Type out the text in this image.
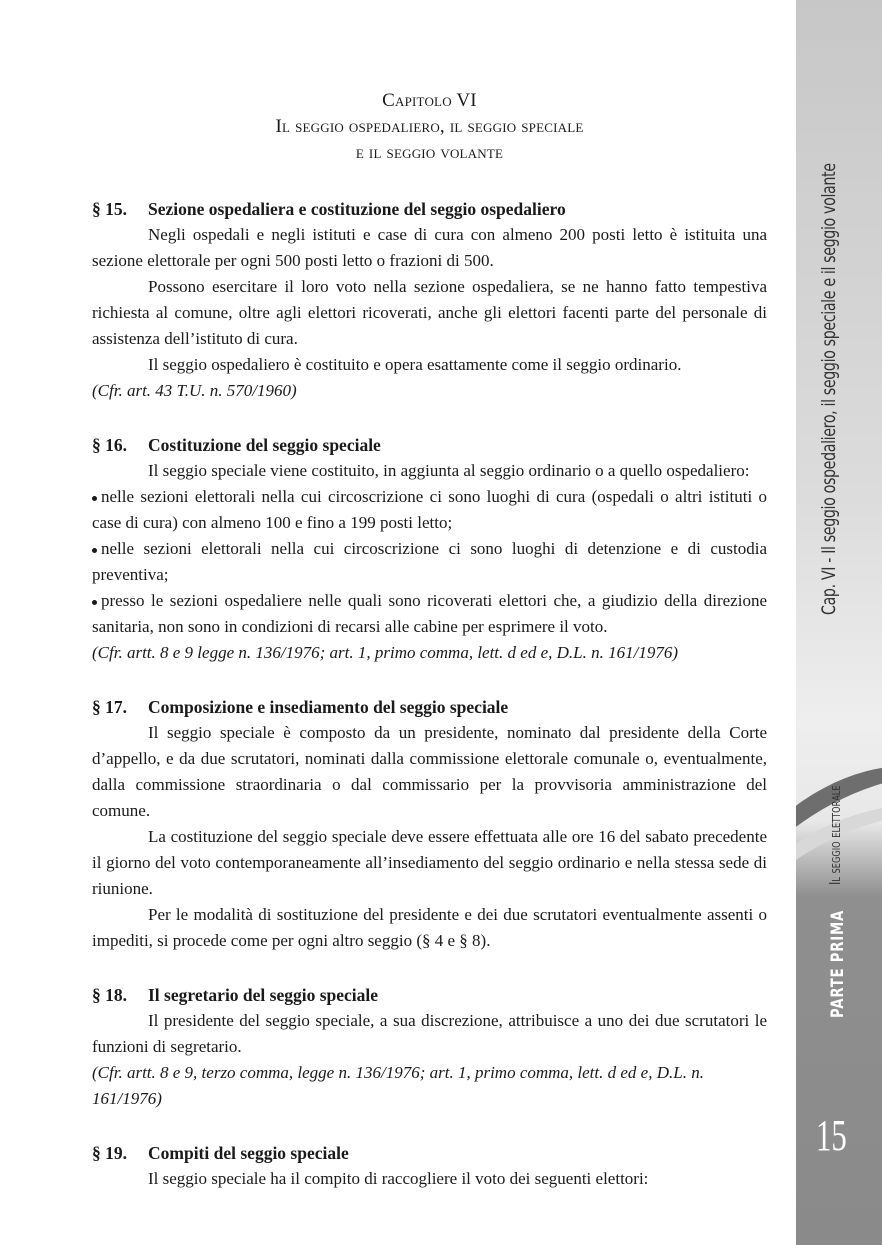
Capitolo VI
Il seggio ospedaliero, il seggio speciale
e il seggio volante
§ 15. Sezione ospedaliera e costituzione del seggio ospedaliero

Negli ospedali e negli istituti e case di cura con almeno 200 posti letto è istituita una sezione elettorale per ogni 500 posti letto o frazioni di 500.

Possono esercitare il loro voto nella sezione ospedaliera, se ne hanno fatto tempestiva richiesta al comune, oltre agli elettori ricoverati, anche gli elettori facenti parte del personale di assistenza dell’istituto di cura.

Il seggio ospedaliero è costituito e opera esattamente come il seggio ordinario.

(Cfr. art. 43 T.U. n. 570/1960)

§ 16. Costituzione del seggio speciale

Il seggio speciale viene costituito, in aggiunta al seggio ordinario o a quello ospedaliero:

nelle sezioni elettorali nella cui circoscrizione ci sono luoghi di cura (ospedali o altri istituti o case di cura) con almeno 100 e fino a 199 posti letto;

nelle sezioni elettorali nella cui circoscrizione ci sono luoghi di detenzione e di custodia preventiva;

presso le sezioni ospedaliere nelle quali sono ricoverati elettori che, a giudizio della direzione sanitaria, non sono in condizioni di recarsi alle cabine per esprimere il voto.

(Cfr. artt. 8 e 9 legge n. 136/1976; art. 1, primo comma, lett. d ed e, D.L. n. 161/1976)

§ 17. Composizione e insediamento del seggio speciale

Il seggio speciale è composto da un presidente, nominato dal presidente della Corte d’appello, e da due scrutatori, nominati dalla commissione elettorale comunale o, eventualmente, dalla commissione straordinaria o dal commissario per la provvisoria amministrazione del comune.

La costituzione del seggio speciale deve essere effettuata alle ore 16 del sabato precedente il giorno del voto contemporaneamente all’insediamento del seggio ordinario e nella stessa sede di riunione.

Per le modalità di sostituzione del presidente e dei due scrutatori eventualmente assenti o impediti, si procede come per ogni altro seggio (§ 4 e § 8).

§ 18. Il segretario del seggio speciale

Il presidente del seggio speciale, a sua discrezione, attribuisce a uno dei due scrutatori le funzioni di segretario.

(Cfr. artt. 8 e 9, terzo comma, legge n. 136/1976; art. 1, primo comma, lett. d ed e, D.L. n. 161/1976)

§ 19. Compiti del seggio speciale

Il seggio speciale ha il compito di raccogliere il voto dei seguenti elettori:

Cap. VI - Il seggio ospedaliero, il seggio speciale e il seggio volante
Il seggio elettorale
PARTE PRIMA
15
